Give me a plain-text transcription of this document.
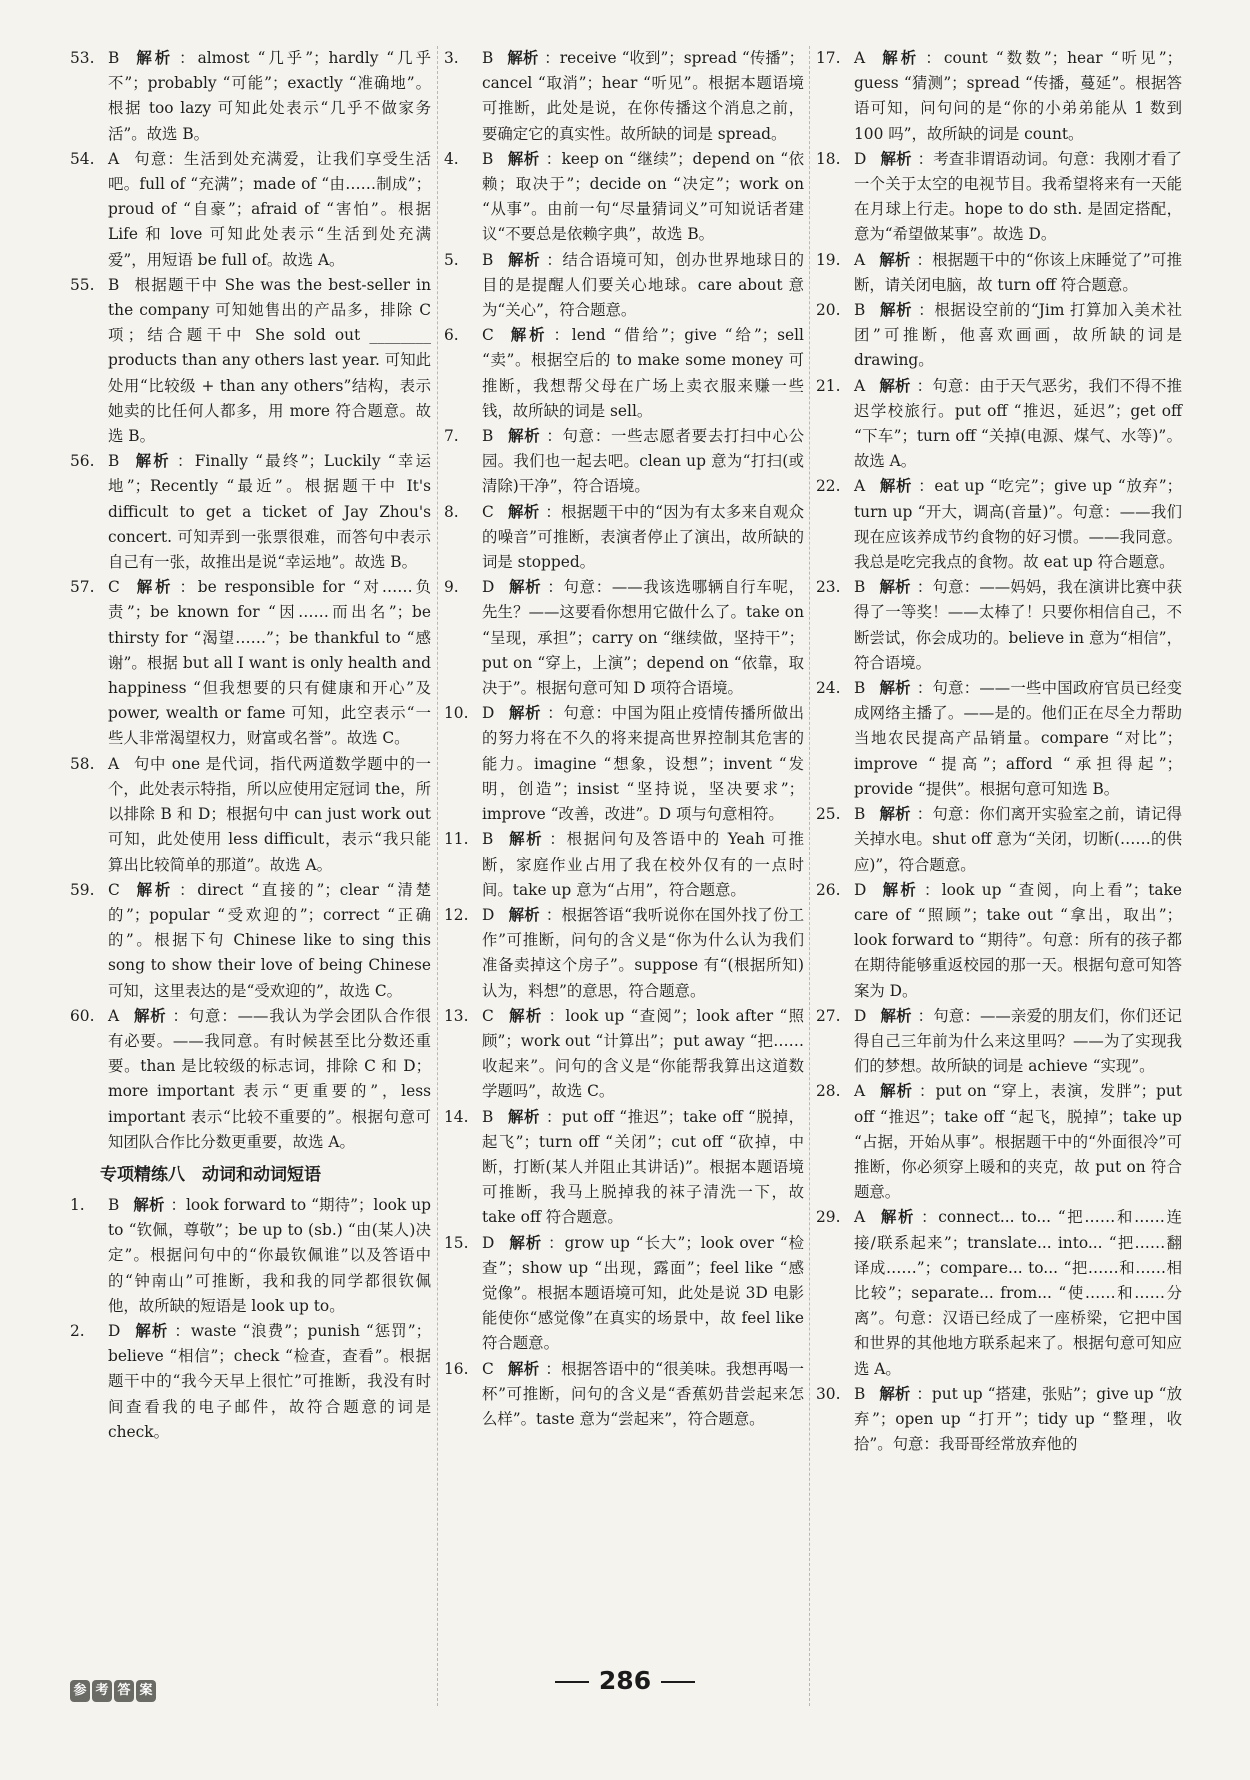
53. B 解析 ：almost “几乎”；hardly “几乎不”；probably “可能”；exactly “准确地”。根据 too lazy 可知此处表示“几乎不做家务活”。故选 B。

54. A 句意：生活到处充满爱，让我们享受生活吧。full of “充满”；made of “由……制成”；proud of “自豪”；afraid of “害怕”。根据 Life 和 love 可知此处表示“生活到处充满爱”，用短语 be full of。故选 A。

55. B 根据题干中 She was the best-seller in the company 可知她售出的产品多，排除 C 项；结合题干中 She sold out ________ products than any others last year. 可知此处用“比较级 + than any others”结构，表示她卖的比任何人都多，用 more 符合题意。故选 B。

56. B 解析 ：Finally “最终”；Luckily “幸运地”；Recently “最近”。根据题干中 It's difficult to get a ticket of Jay Zhou's concert. 可知弄到一张票很难，而答句中表示自己有一张，故推出是说“幸运地”。故选 B。

57. C 解析 ：be responsible for “对……负责”；be known for “因……而出名”；be thirsty for “渴望……”；be thankful to “感谢”。根据 but all I want is only health and happiness “但我想要的只有健康和开心”及 power, wealth or fame 可知，此空表示“一些人非常渴望权力，财富或名誉”。故选 C。

58. A 句中 one 是代词，指代两道数学题中的一个，此处表示特指，所以应使用定冠词 the，所以排除 B 和 D；根据句中 can just work out 可知，此处使用 less difficult，表示“我只能算出比较简单的那道”。故选 A。

59. C 解析 ：direct “直接的”；clear “清楚的”；popular “受欢迎的”；correct “正确的”。根据下句 Chinese like to sing this song to show their love of being Chinese 可知，这里表达的是“受欢迎的”，故选 C。

60. A 解析 ：句意：——我认为学会团队合作很有必要。——我同意。有时候甚至比分数还重要。than 是比较级的标志词，排除 C 和 D；more important 表示“更重要的”，less important 表示“比较不重要的”。根据句意可知团队合作比分数更重要，故选 A。

专项精练八　动词和动词短语

1.	B 解析 ：look forward to “期待”；look up to “钦佩，尊敬”；be up to (sb.) “由(某人)决定”。根据问句中的“你最钦佩谁”以及答语中的“钟南山”可推断，我和我的同学都很钦佩他，故所缺的短语是 look up to。

2.	D 解析 ：waste “浪费”；punish “惩罚”；believe “相信”；check “检查，查看”。根据题干中的“我今天早上很忙”可推断，我没有时间查看我的电子邮件，故符合题意的词是 check。

3.	B 解析 ：receive “收到”；spread “传播”；cancel “取消”；hear “听见”。根据本题语境可推断，此处是说，在你传播这个消息之前，要确定它的真实性。故所缺的词是 spread。

4.	B 解析 ：keep on “继续”；depend on “依赖；取决于”；decide on “决定”；work on “从事”。由前一句“尽量猜词义”可知说话者建议“不要总是依赖字典”，故选 B。

5.	B 解析 ：结合语境可知，创办世界地球日的目的是提醒人们要关心地球。care about 意为“关心”，符合题意。

6.	C 解析 ：lend “借给”；give “给”；sell “卖”。根据空后的 to make some money 可推断，我想帮父母在广场上卖衣服来赚一些钱，故所缺的词是 sell。

7.	B 解析 ：句意：一些志愿者要去打扫中心公园。我们也一起去吧。clean up 意为“打扫(或清除)干净”，符合语境。

8.	C 解析 ：根据题干中的“因为有太多来自观众的噪音”可推断，表演者停止了演出，故所缺的词是 stopped。

9.	D 解析 ：句意：——我该选哪辆自行车呢，先生？——这要看你想用它做什么了。take on “呈现，承担”；carry on “继续做，坚持干”；put on “穿上，上演”；depend on “依靠，取决于”。根据句意可知 D 项符合语境。

10. D 解析 ：句意：中国为阻止疫情传播所做出的努力将在不久的将来提高世界控制其危害的能力。imagine “想象，设想”；invent “发明，创造”；insist “坚持说，坚决要求”；improve “改善，改进”。D 项与句意相符。

11. B 解析 ：根据问句及答语中的 Yeah 可推断，家庭作业占用了我在校外仅有的一点时间。take up 意为“占用”，符合题意。

12. D 解析 ：根据答语“我听说你在国外找了份工作”可推断，问句的含义是“你为什么认为我们准备卖掉这个房子”。suppose 有“(根据所知)认为，料想”的意思，符合题意。

13. C 解析 ：look up “查阅”；look after “照顾”；work out “计算出”；put away “把……收起来”。问句的含义是“你能帮我算出这道数学题吗”，故选 C。

14. B 解析 ：put off “推迟”；take off “脱掉，起飞”；turn off “关闭”；cut off “砍掉，中断，打断(某人并阻止其讲话)”。根据本题语境可推断，我马上脱掉我的袜子清洗一下，故 take off 符合题意。

15. D 解析 ：grow up “长大”；look over “检查”；show up “出现，露面”；feel like “感觉像”。根据本题语境可知，此处是说 3D 电影能使你“感觉像”在真实的场景中，故 feel like 符合题意。

16. C 解析 ：根据答语中的“很美味。我想再喝一杯”可推断，问句的含义是“香蕉奶昔尝起来怎么样”。taste 意为“尝起来”，符合题意。

17. A 解析 ：count “数数”；hear “听见”；guess “猜测”；spread “传播，蔓延”。根据答语可知，问句问的是“你的小弟弟能从 1 数到 100 吗”，故所缺的词是 count。

18. D 解析 ：考查非谓语动词。句意：我刚才看了一个关于太空的电视节目。我希望将来有一天能在月球上行走。hope to do sth. 是固定搭配，意为“希望做某事”。故选 D。

19. A 解析 ：根据题干中的“你该上床睡觉了”可推断，请关闭电脑，故 turn off 符合题意。

20. B 解析 ：根据设空前的“Jim 打算加入美术社团”可推断，他喜欢画画，故所缺的词是 drawing。

21. A 解析 ：句意：由于天气恶劣，我们不得不推迟学校旅行。put off “推迟，延迟”；get off “下车”；turn off “关掉(电源、煤气、水等)”。故选 A。

22. A 解析 ：eat up “吃完”；give up “放弃”；turn up “开大，调高(音量)”。句意：——我们现在应该养成节约食物的好习惯。——我同意。我总是吃完我点的食物。故 eat up 符合题意。

23. B 解析 ：句意：——妈妈，我在演讲比赛中获得了一等奖！——太棒了！只要你相信自己，不断尝试，你会成功的。believe in 意为“相信”，符合语境。

24. B 解析 ：句意：——一些中国政府官员已经变成网络主播了。——是的。他们正在尽全力帮助当地农民提高产品销量。compare “对比”；improve “提高”；afford “承担得起”；provide “提供”。根据句意可知选 B。

25. B 解析 ：句意：你们离开实验室之前，请记得关掉水电。shut off 意为“关闭，切断(……的供应)”，符合题意。

26. D 解析 ：look up “查阅，向上看”；take care of “照顾”；take out “拿出，取出”；look forward to “期待”。句意：所有的孩子都在期待能够重返校园的那一天。根据句意可知答案为 D。

27. D 解析 ：句意：——亲爱的朋友们，你们还记得自己三年前为什么来这里吗？——为了实现我们的梦想。故所缺的词是 achieve “实现”。

28. A 解析 ：put on “穿上，表演，发胖”；put off “推迟”；take off “起飞，脱掉”；take up “占据，开始从事”。根据题干中的“外面很冷”可推断，你必须穿上暖和的夹克，故 put on 符合题意。

29. A 解析 ：connect... to... “把……和……连接/联系起来”；translate... into... “把……翻译成……”；compare... to... “把……和……相比较”；separate... from... “使……和……分离”。句意：汉语已经成了一座桥梁，它把中国和世界的其他地方联系起来了。根据句意可知应选 A。

30. B 解析 ：put up “搭建，张贴”；give up “放弃”；open up “打开”；tidy up “整理，收拾”。句意：我哥哥经常放弃他的

参 考 答 案	286
